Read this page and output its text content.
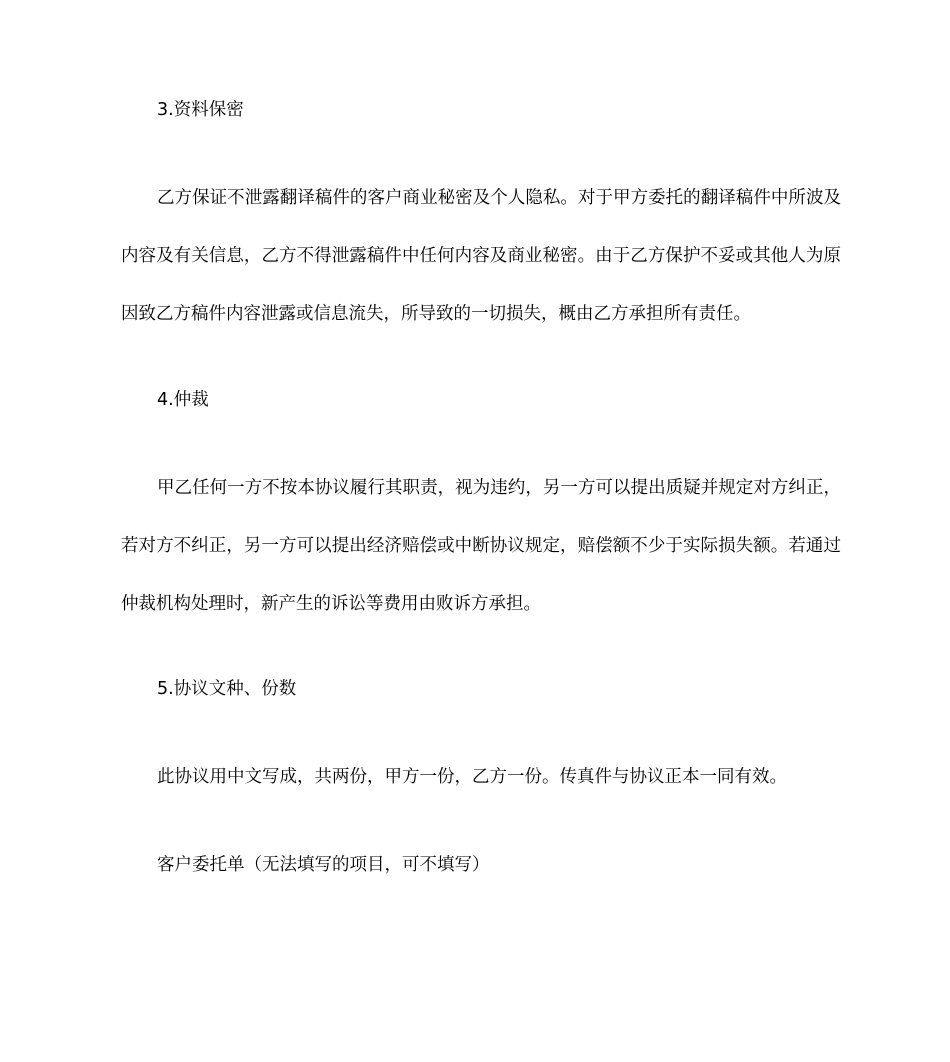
3.资料保密

乙方保证不泄露翻译稿件的客户商业秘密及个人隐私。对于甲方委托的翻译稿件中所波及内容及有关信息，乙方不得泄露稿件中任何内容及商业秘密。由于乙方保护不妥或其他人为原因致乙方稿件内容泄露或信息流失，所导致的一切损失，概由乙方承担所有责任。

4.仲裁

甲乙任何一方不按本协议履行其职责，视为违约，另一方可以提出质疑并规定对方纠正，若对方不纠正，另一方可以提出经济赔偿或中断协议规定，赔偿额不少于实际损失额。若通过仲裁机构处理时，新产生的诉讼等费用由败诉方承担。

5.协议文种、份数

此协议用中文写成，共两份，甲方一份，乙方一份。传真件与协议正本一同有效。

客户委托单（无法填写的项目，可不填写）
